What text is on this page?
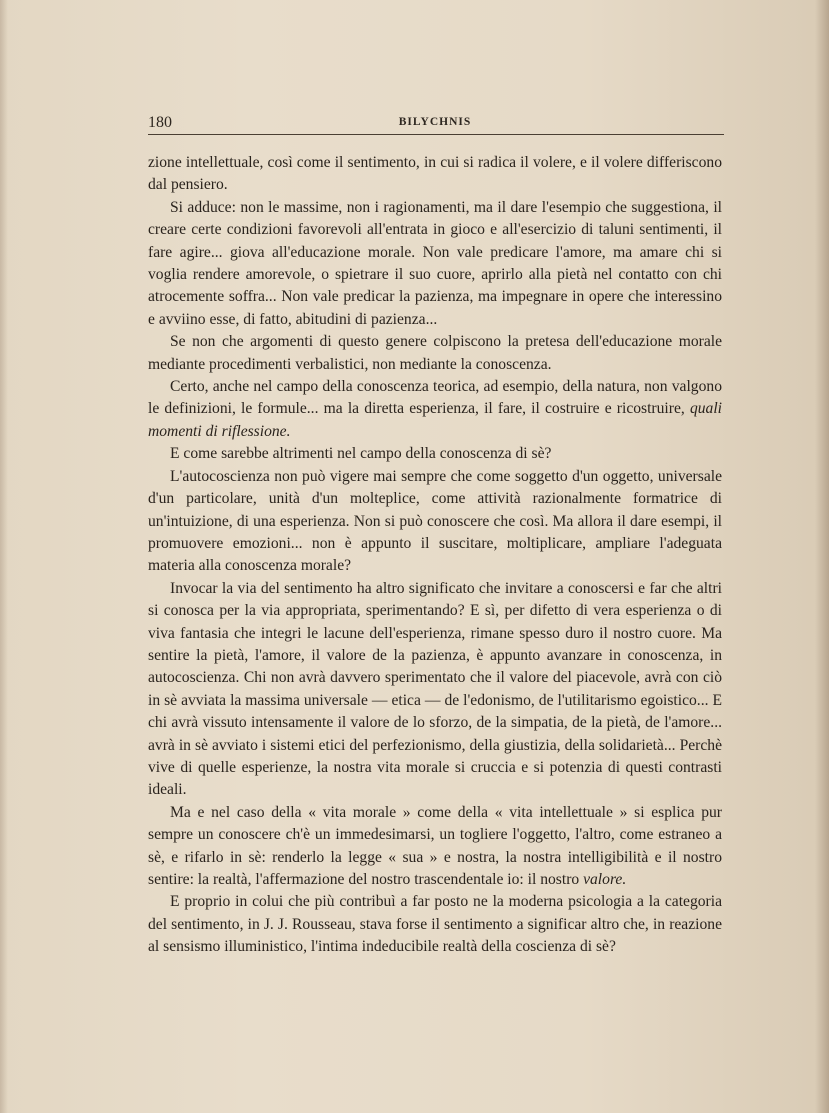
180	BILYCHNIS

zione intellettuale, così come il sentimento, in cui si radica il volere, e il volere differiscono dal pensiero.

Si adduce: non le massime, non i ragionamenti, ma il dare l'esempio che suggestiona, il creare certe condizioni favorevoli all'entrata in gioco e all'esercizio di taluni sentimenti, il fare agire... giova all'educazione morale. Non vale predicare l'amore, ma amare chi si voglia rendere amorevole, o spietrare il suo cuore, aprirlo alla pietà nel contatto con chi atrocemente soffra... Non vale predicar la pazienza, ma impegnare in opere che interessino e avviino esse, di fatto, abitudini di pazienza...

Se non che argomenti di questo genere colpiscono la pretesa dell'educazione morale mediante procedimenti verbalistici, non mediante la conoscenza.

Certo, anche nel campo della conoscenza teorica, ad esempio, della natura, non valgono le definizioni, le formule... ma la diretta esperienza, il fare, il costruire e ricostruire, quali momenti di riflessione.

E come sarebbe altrimenti nel campo della conoscenza di sè?

L'autocoscienza non può vigere mai sempre che come soggetto d'un oggetto, universale d'un particolare, unità d'un molteplice, come attività razionalmente formatrice di un'intuizione, di una esperienza. Non si può conoscere che così. Ma allora il dare esempi, il promuovere emozioni... non è appunto il suscitare, moltiplicare, ampliare l'adeguata materia alla conoscenza morale?

Invocar la via del sentimento ha altro significato che invitare a conoscersi e far che altri si conosca per la via appropriata, sperimentando? E sì, per difetto di vera esperienza o di viva fantasia che integri le lacune dell'esperienza, rimane spesso duro il nostro cuore. Ma sentire la pietà, l'amore, il valore de la pazienza, è appunto avanzare in conoscenza, in autocoscienza. Chi non avrà davvero sperimentato che il valore del piacevole, avrà con ciò in sè avviata la massima universale — etica — de l'edonismo, de l'utilitarismo egoistico... E chi avrà vissuto intensamente il valore de lo sforzo, de la simpatia, de la pietà, de l'amore... avrà in sè avviato i sistemi etici del perfezionismo, della giustizia, della solidarietà... Perchè vive di quelle esperienze, la nostra vita morale si cruccia e si potenzia di questi contrasti ideali.

Ma e nel caso della « vita morale » come della « vita intellettuale » si esplica pur sempre un conoscere ch'è un immedesimarsi, un togliere l'oggetto, l'altro, come estraneo a sè, e rifarlo in sè: renderlo la legge « sua » e nostra, la nostra intelligibilità e il nostro sentire: la realtà, l'affermazione del nostro trascendentale io: il nostro valore.

E proprio in colui che più contribuì a far posto ne la moderna psicologia a la categoria del sentimento, in J. J. Rousseau, stava forse il sentimento a significar altro che, in reazione al sensismo illuministico, l'intima indeducibile realtà della coscienza di sè?
